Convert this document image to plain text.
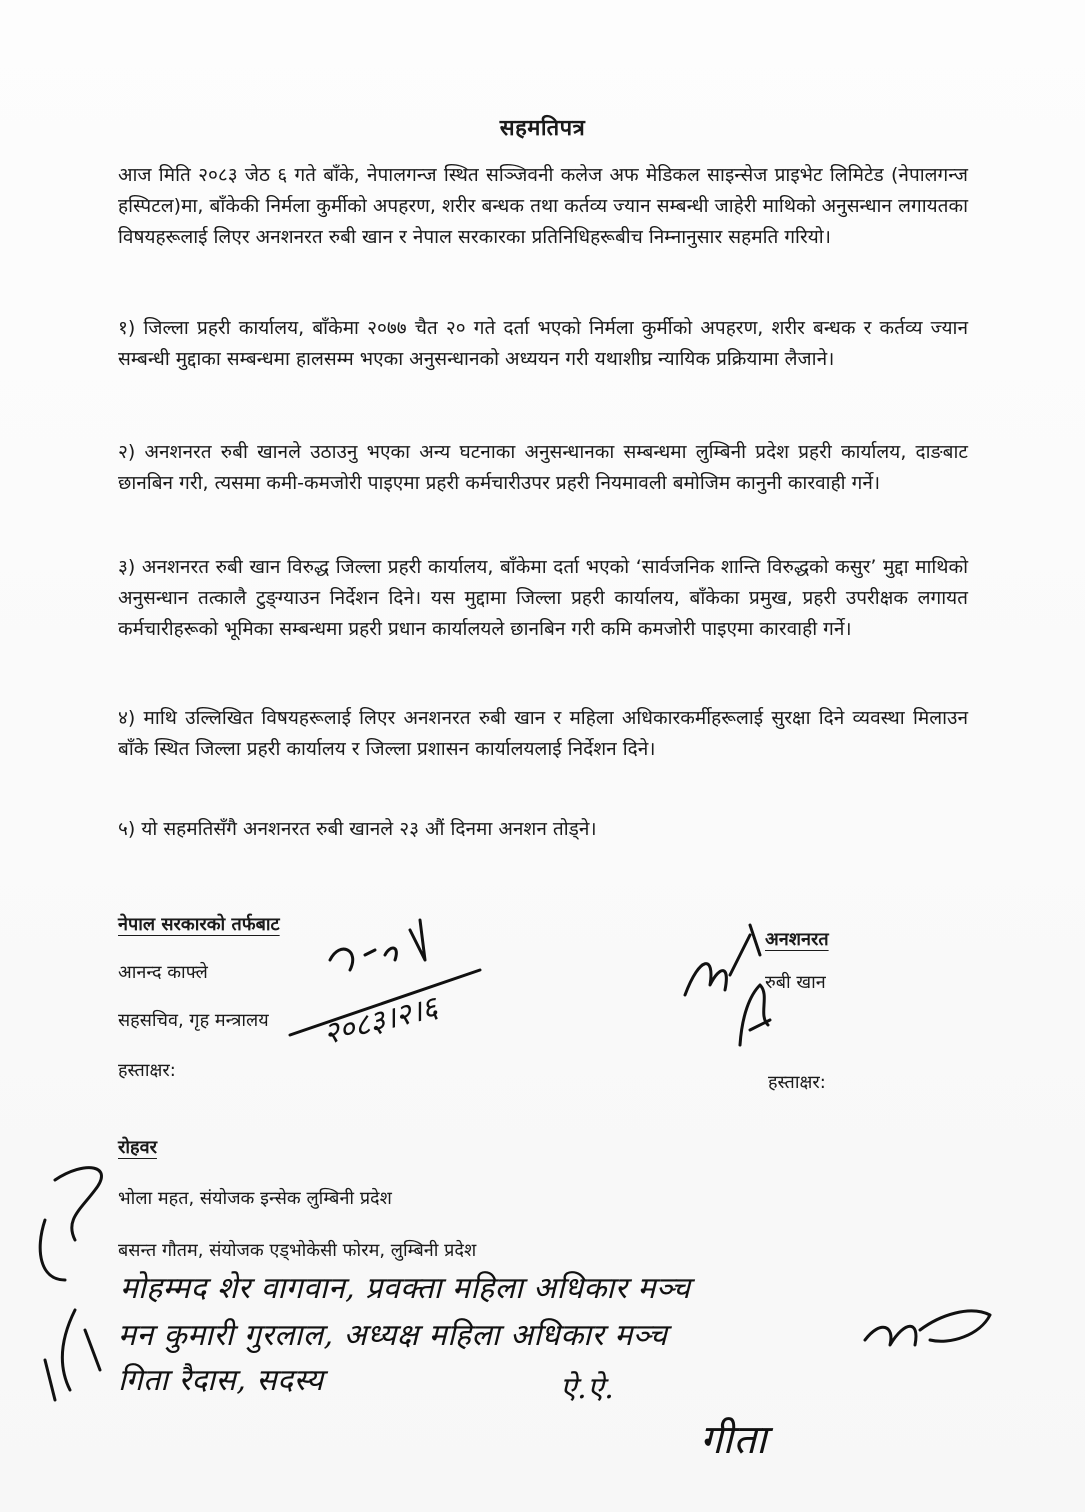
सहमतिपत्र
आज मिति २०८३ जेठ ६ गते बाँके, नेपालगन्ज स्थित सञ्जिवनी कलेज अफ मेडिकल साइन्सेज प्राइभेट लिमिटेड (नेपालगन्ज हस्पिटल)मा, बाँकेकी निर्मला कुर्मीको अपहरण, शरीर बन्धक तथा कर्तव्य ज्यान सम्बन्धी जाहेरी माथिको अनुसन्धान लगायतका विषयहरूलाई लिएर अनशनरत रुबी खान र नेपाल सरकारका प्रतिनिधिहरूबीच निम्नानुसार सहमति गरियो।
१) जिल्ला प्रहरी कार्यालय, बाँकेमा २०७७ चैत २० गते दर्ता भएको निर्मला कुर्मीको अपहरण, शरीर बन्धक र कर्तव्य ज्यान सम्बन्धी मुद्दाका सम्बन्धमा हालसम्म भएका अनुसन्धानको अध्ययन गरी यथाशीघ्र न्यायिक प्रक्रियामा लैजाने।
२) अनशनरत रुबी खानले उठाउनु भएका अन्य घटनाका अनुसन्धानका सम्बन्धमा लुम्बिनी प्रदेश प्रहरी कार्यालय, दाङबाट छानबिन गरी, त्यसमा कमी-कमजोरी पाइएमा प्रहरी कर्मचारीउपर प्रहरी नियमावली बमोजिम कानुनी कारवाही गर्ने।
३) अनशनरत रुबी खान विरुद्ध जिल्ला प्रहरी कार्यालय, बाँकेमा दर्ता भएको ‘सार्वजनिक शान्ति विरुद्धको कसुर’ मुद्दा माथिको अनुसन्धान तत्कालै टुङ्ग्याउन निर्देशन दिने। यस मुद्दामा जिल्ला प्रहरी कार्यालय, बाँकेका प्रमुख, प्रहरी उपरीक्षक लगायत कर्मचारीहरूको भूमिका सम्बन्धमा प्रहरी प्रधान कार्यालयले छानबिन गरी कमि कमजोरी पाइएमा कारवाही गर्ने।
४) माथि उल्लिखित विषयहरूलाई लिएर अनशनरत रुबी खान र महिला अधिकारकर्मीहरूलाई सुरक्षा दिने व्यवस्था मिलाउन बाँके स्थित जिल्ला प्रहरी कार्यालय र जिल्ला प्रशासन कार्यालयलाई निर्देशन दिने।
५) यो सहमतिसँगै अनशनरत रुबी खानले २३ औं दिनमा अनशन तोड्ने।
नेपाल सरकारको तर्फबाट
आनन्द काफ्ले
सहसचिव, गृह मन्त्रालय
हस्ताक्षर:
२०८३।२।६
अनशनरत
रुबी खान
हस्ताक्षर:
रोहवर
भोला महत, संयोजक इन्सेक लुम्बिनी प्रदेश
बसन्त गौतम, संयोजक एड्भोकेसी फोरम, लुम्बिनी प्रदेश
मोहम्मद शेर वागवान, प्रवक्ता महिला अधिकार मञ्च
मन कुमारी गुरलाल, अध्यक्ष महिला अधिकार मञ्च
गिता रैदास, सदस्य	ऐ.ऐ.
गीता
